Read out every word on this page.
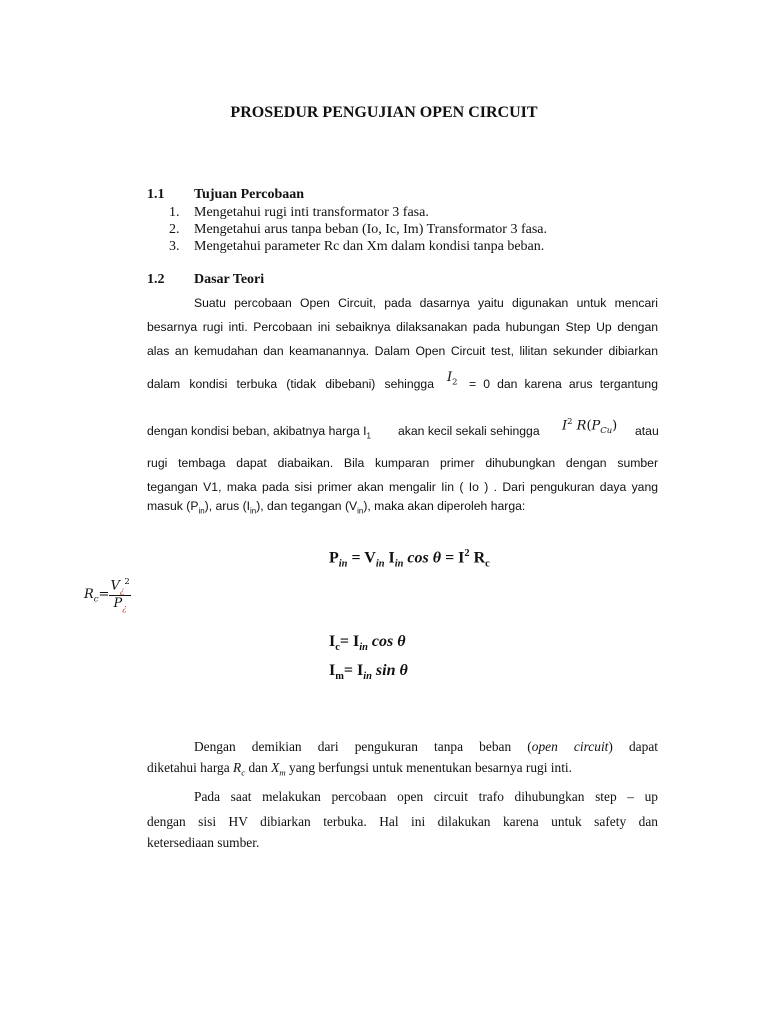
PROSEDUR PENGUJIAN OPEN CIRCUIT
1.1 Tujuan Percobaan
1. Mengetahui rugi inti transformator 3 fasa.
2. Mengetahui arus tanpa beban (Io, Ic, Im) Transformator 3 fasa.
3. Mengetahui parameter Rc dan Xm dalam kondisi tanpa beban.
1.2 Dasar Teori
Suatu percobaan Open Circuit, pada dasarnya yaitu digunakan untuk mencari
besarnya rugi inti. Percobaan ini sebaiknya dilaksanakan pada hubungan Step Up dengan
alas an kemudahan dan keamanannya. Dalam Open Circuit test, lilitan sekunder dibiarkan
dalam kondisi terbuka (tidak dibebani) sehingga $I_2 = 0$ dan karena arus tergantung
dengan kondisi beban, akibatnya harga $I_1$ akan kecil sekali sehingga $I^2$ $R(P_{Cu})$ atau
rugi tembaga dapat diabaikan. Bila kumparan primer dihubungkan dengan sumber
tegangan V1, maka pada sisi primer akan mengalir Iin ( Io ) . Dari pengukuran daya yang
masuk $(P_{in})$, arus $(I_{in})$, dan tegangan $(V_{in})$, maka akan diperoleh harga:
$P_{in} = V_{in}$ $I_{in}$ $\cos \theta = I^2$ $R_c$
$R_c= \frac{V_¿^2}{P_¿}$
$I_c= I_{in}$ cos θ
$I_m= I_{in}$ sin θ
Dengan demikian dari pengukuran tanpa beban (open circuit) dapat
diketahui harga $R_c$ dan $X_m$ yang berfungsi untuk menentukan besarnya rugi inti.
Pada saat melakukan percobaan open circuit trafo dihubungkan step – up
dengan sisi HV dibiarkan terbuka. Hal ini dilakukan karena untuk safety dan
ketersediaan sumber.
